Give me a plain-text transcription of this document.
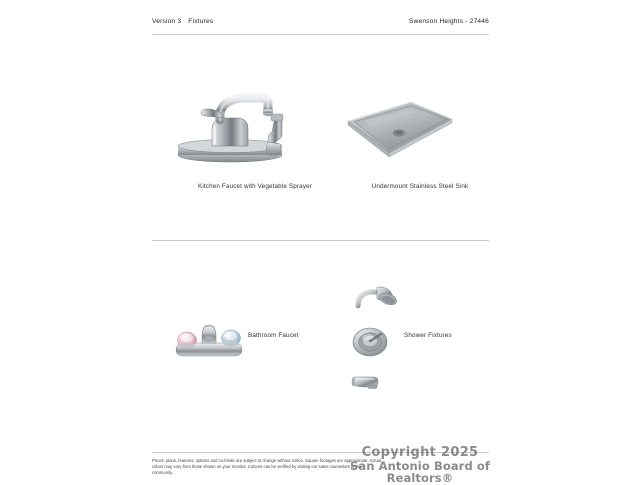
Version 3 Fixtures	Swenson Heights - 27446
Kitchen Faucet with Vegetable Sprayer	Undermount Stainless Steel Sink
Bathroom Faucet	Shower Fixtures
Prices, plans, features, options and co-broke are subject to change without notice. Square footages are approximate. Actual colors may vary from those shown on your monitor. Colours can be verified by visiting our sales counselors in the community.
Copyright 2025
San Antonio Board of Realtors®
